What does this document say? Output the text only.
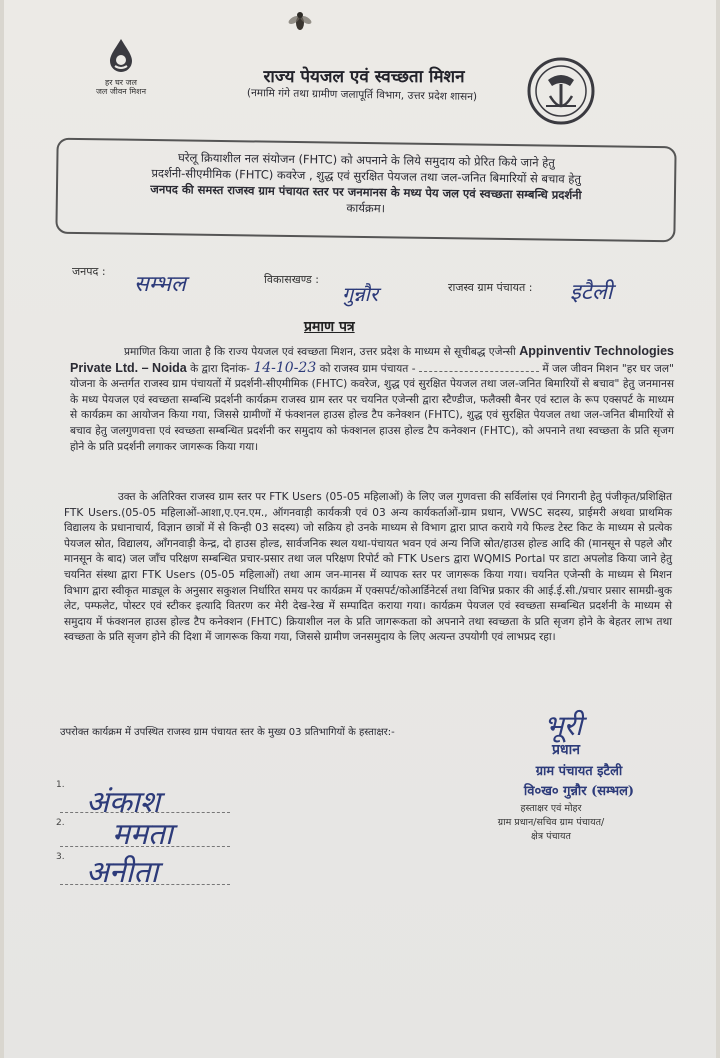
हर घर जल
जल जीवन मिशन
राज्य पेयजल एवं स्वच्छता मिशन
(नमामि गंगे तथा ग्रामीण जलापूर्ति विभाग, उत्तर प्रदेश शासन)
घरेलू क्रियाशील नल संयोजन (FHTC) को अपनाने के लिये समुदाय को प्रेरित किये जाने हेतु
प्रदर्शनी-सीएमीमिक (FHTC) कवरेज , शुद्ध एवं सुरक्षित पेयजल तथा जल-जनित बिमारियों से बचाव हेतु
जनपद की समस्त राजस्व ग्राम पंचायत स्तर पर जनमानस के मध्य पेय जल एवं स्वच्छता सम्बन्धि प्रदर्शनी
कार्यक्रम।
जनपद :
सम्भल	विकासखण्ड :
गुन्नौर	राजस्व ग्राम पंचायत : इटैली
प्रमाण पत्र
प्रमाणित किया जाता है कि राज्य पेयजल एवं स्वच्छता मिशन, उत्तर प्रदेश के माध्यम से सूचीबद्ध एजेन्सी Appinventiv Technologies Private Ltd. – Noida के द्वारा दिनांक- 14-10-23 को राजस्व ग्राम पंचायत -	में जल जीवन मिशन "हर घर जल" योजना के अन्तर्गत राजस्व ग्राम पंचायतों में प्रदर्शनी-सीएमीमिक (FHTC) कवरेज, शुद्ध एवं सुरक्षित पेयजल तथा जल-जनित बिमारियों से बचाव" हेतु जनमानस के मध्य पेयजल एवं स्वच्छता सम्बन्धि प्रदर्शनी कार्यक्रम राजस्व ग्राम स्तर पर चयनित एजेन्सी द्वारा स्टैण्डीज, फलैक्सी बैनर एवं स्टाल के रूप एक्सपर्ट के माध्यम से कार्यक्रम का आयोजन किया गया, जिससे ग्रामीणों में फंक्शनल हाउस होल्ड टैप कनेक्शन (FHTC), शुद्ध एवं सुरक्षित पेयजल तथा जल-जनित बीमारियों से बचाव हेतु जलगुणवत्ता एवं स्वच्छता सम्बन्धित प्रदर्शनी कर समुदाय को फंक्शनल हाउस होल्ड टैप कनेक्शन (FHTC), को अपनाने तथा स्वच्छता के प्रति सृजग होने के प्रति प्रदर्शनी लगाकर जागरूक किया गया।
उक्त के अतिरिक्त राजस्व ग्राम स्तर पर FTK Users (05-05 महिलाओं) के लिए जल गुणवत्ता की सर्विलांस एवं निगरानी हेतु पंजीकृत/प्रशिक्षित FTK Users.(05-05 महिलाओं-आशा,ए.एन.एम., ऑगनवाड़ी कार्यकत्री एवं 03 अन्य कार्यकर्ताओं-ग्राम प्रधान, VWSC सदस्य, प्राईमरी अथवा प्राथमिक विद्यालय के प्रधानाचार्य, विज्ञान छात्रों में से किन्ही 03 सदस्य) जो सक्रिय हो उनके माध्यम से विभाग द्वारा प्राप्त कराये गये फिल्ड टेस्ट किट के माध्यम से प्रत्येक पेयजल स्रोत, विद्यालय, आँगनवाड़ी केन्द्र, दो हाउस होल्ड, सार्वजनिक स्थल यथा-पंचायत भवन एवं अन्य निजि स्रोत/हाउस होल्ड आदि की (मानसून से पहले और मानसून के बाद) जल जाँच परिक्षण सम्बन्धित प्रचार-प्रसार तथा जल परिक्षण रिपोर्ट को FTK Users द्वारा WQMIS Portal पर डाटा अपलोड किया जाने हेतु चयनित संस्था द्वारा FTK Users (05-05 महिलाओं) तथा आम जन-मानस में व्यापक स्तर पर जागरूक किया गया। चयनित एजेन्सी के माध्यम से मिशन विभाग द्वारा स्वीकृत माड्यूल के अनुसार सकुशल निर्धारित समय पर कार्यक्रम में एक्सपर्ट/कोआर्डिनेटर्स तथा विभिन्न प्रकार की आई.ई.सी./प्रचार प्रसार सामग्री-बुक लेट, पम्फलेट, पोस्टर एवं स्टीकर इत्यादि वितरण कर मेरी देख-रेख में सम्पादित कराया गया। कार्यक्रम पेयजल एवं स्वच्छता सम्बन्धित प्रदर्शनी के माध्यम से समुदाय में फंक्शनल हाउस होल्ड टैप कनेक्शन (FHTC) क्रियाशील नल के प्रति जागरूकता को अपनाने तथा स्वच्छता के प्रति सृजग होने के बेहतर लाभ तथा स्वच्छता के प्रति सृजग होने की दिशा में जागरूक किया गया, जिससे ग्रामीण जनसमुदाय के लिए अत्यन्त उपयोगी एवं लाभप्रद रहा।
उपरोक्त कार्यक्रम में उपस्थित राजस्व ग्राम पंचायत स्तर के मुख्य 03 प्रतिभागियों के हस्ताक्षर:-
1. अंकाश
2. ममता
3. अनीता
भूरी
प्रधान
ग्राम पंचायत इटैली
वि०ख० गुन्नौर (सम्भल)
हस्ताक्षर एवं मोहर
ग्राम प्रधान/सचिव ग्राम पंचायत/
क्षेत्र पंचायत
